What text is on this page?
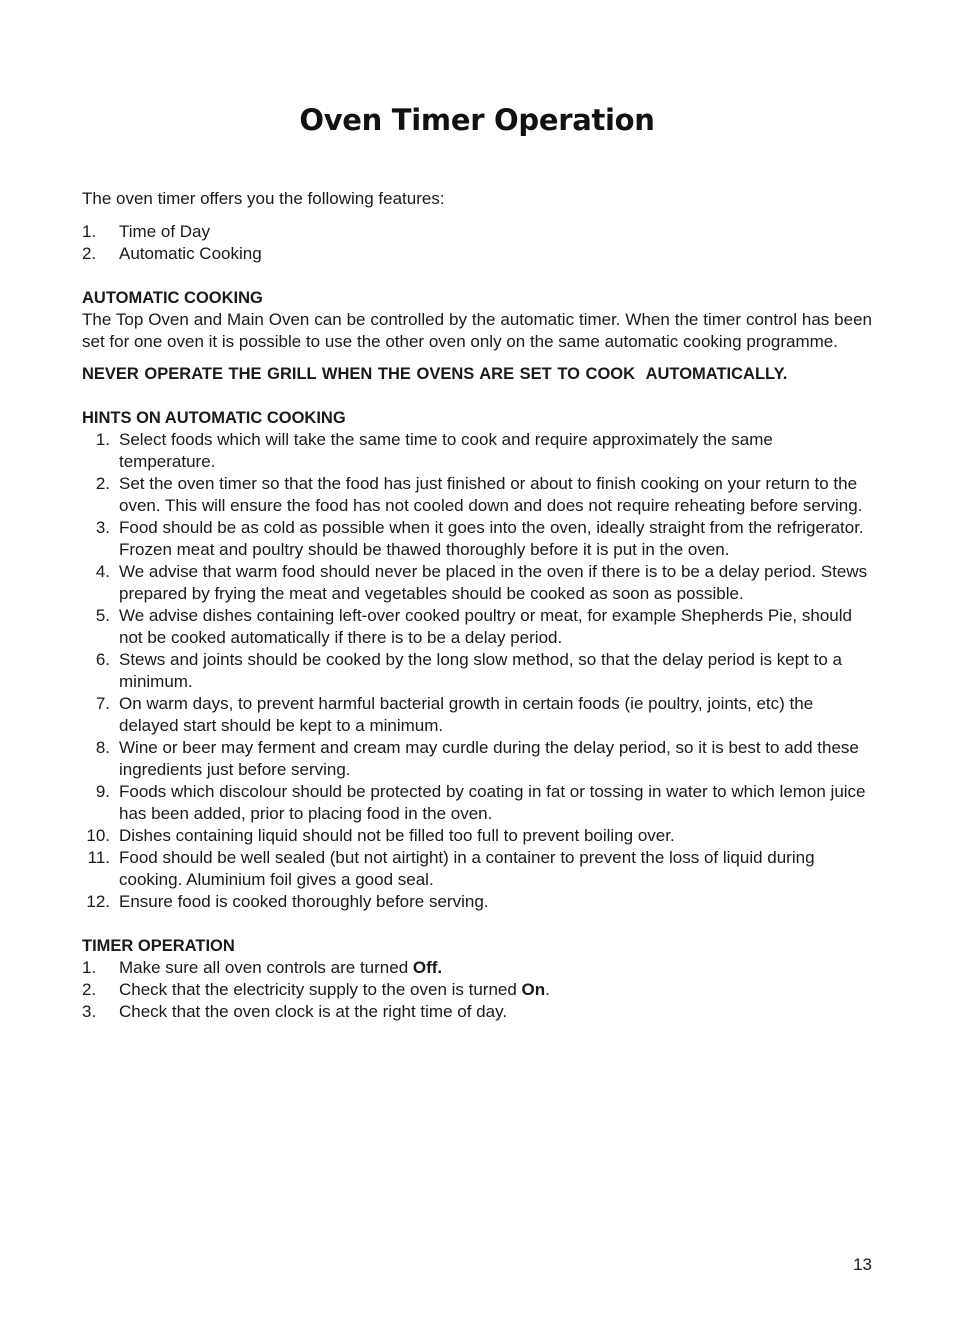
Oven Timer Operation

The oven timer offers you the following features:

1.	Time of Day
2.	Automatic Cooking

AUTOMATIC COOKING

The Top Oven and Main Oven can be controlled by the automatic timer. When the timer control has been set for one oven it is possible to use the other oven only on the same automatic cooking programme.

NEVER OPERATE THE GRILL WHEN THE OVENS ARE SET TO COOK  AUTOMATICALLY.

HINTS ON AUTOMATIC COOKING

1. Select foods which will take the same time to cook and require approximately the same temperature.
2. Set the oven timer so that the food has just finished or about to finish cooking on your return to the oven. This will ensure the food has not cooled down and does not require reheating before serving.
3. Food should be as cold as possible when it goes into the oven, ideally straight from the refrigerator. Frozen meat and poultry should be thawed thoroughly before it is put in the oven.
4. We advise that warm food should never be placed in the oven if there is to be a delay period. Stews prepared by frying the meat and vegetables should be cooked as soon as possible.
5. We advise dishes containing left-over cooked poultry or meat, for example Shepherds Pie, should not be cooked automatically if there is to be a delay period.
6. Stews and joints should be cooked by the long slow method, so that the delay period is kept to a minimum.
7. On warm days, to prevent harmful bacterial growth in certain foods (ie poultry, joints, etc) the delayed start should be kept to a minimum.
8. Wine or beer may ferment and cream may curdle during the delay period, so it is best to add these ingredients just before serving.
9. Foods which discolour should be protected by coating in fat or tossing in water to which lemon juice has been added, prior to placing food in the oven.
10. Dishes containing liquid should not be filled too full to prevent boiling over.
11. Food should be well sealed (but not airtight) in a container to prevent the loss of liquid during cooking. Aluminium foil gives a good seal.
12. Ensure food is cooked thoroughly before serving.

TIMER OPERATION

1.	Make sure all oven controls are turned Off.
2.	Check that the electricity supply to the oven is turned On.
3.	Check that the oven clock is at the right time of day.
13
